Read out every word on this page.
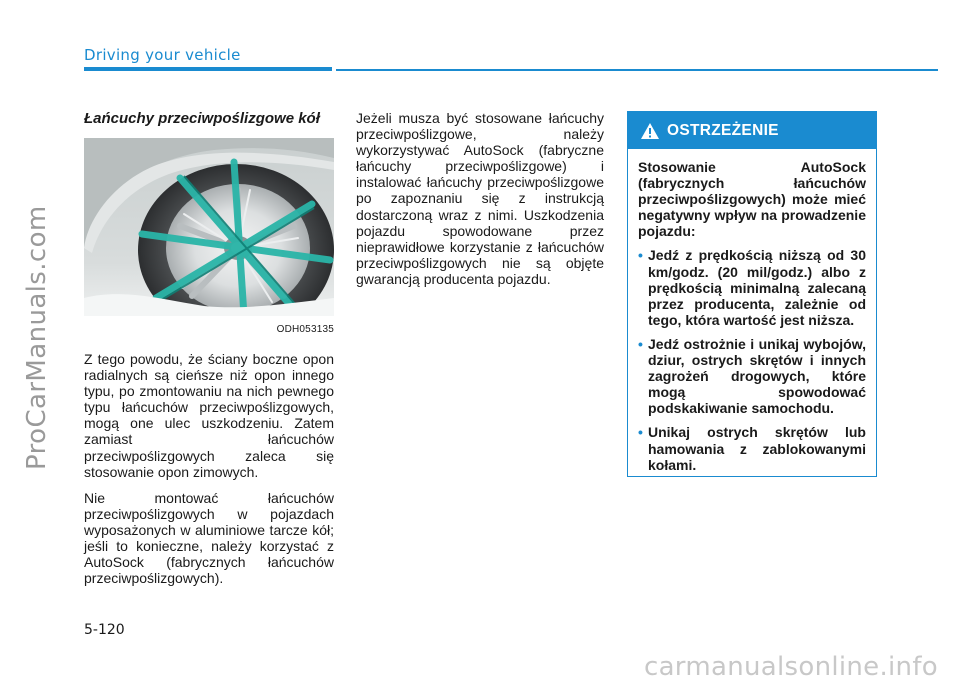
Driving your vehicle
ProCarManuals.com
Łańcuchy przeciwpoślizgowe kół
ODH053135

Z tego powodu, że ściany boczne opon radialnych są cieńsze niż opon innego typu, po zmontowaniu na nich pewnego typu łańcuchów przeciwpoślizgowych, mogą one ulec uszkodzeniu. Zatem zamiast łańcuchów przeciwpoślizgowych zaleca się stosowanie opon zimowych.

Nie montować łańcuchów przeciwpoślizgowych w pojazdach wyposażonych w aluminiowe tarcze kół; jeśli to konieczne, należy korzystać z AutoSock (fabrycznych łańcuchów przeciwpoślizgowych).

Jeżeli musza być stosowane łańcuchy przeciwpoślizgowe, należy wykorzystywać AutoSock (fabryczne łańcuchy przeciwpoślizgowe) i instalować łańcuchy przeciwpoślizgowe po zapoznaniu się z instrukcją dostarczoną wraz z nimi. Uszkodzenia pojazdu spowodowane przez nieprawidłowe korzystanie z łańcuchów przeciwpoślizgowych nie są objęte gwarancją producenta pojazdu.

OSTRZEŻENIE

Stosowanie AutoSock (fabrycznych łańcuchów przeciwpoślizgowych) może mieć negatywny wpływ na prowadzenie pojazdu:

• Jedź z prędkością niższą od 30 km/godz. (20 mil/godz.) albo z prędkością minimalną zalecaną przez producenta, zależnie od tego, która wartość jest niższa.
• Jedź ostrożnie i unikaj wybojów, dziur, ostrych skrętów i innych zagrożeń drogowych, które mogą spowodować podskakiwanie samochodu.
• Unikaj ostrych skrętów lub hamowania z zablokowanymi kołami.
5-120
carmanualsonline.info
